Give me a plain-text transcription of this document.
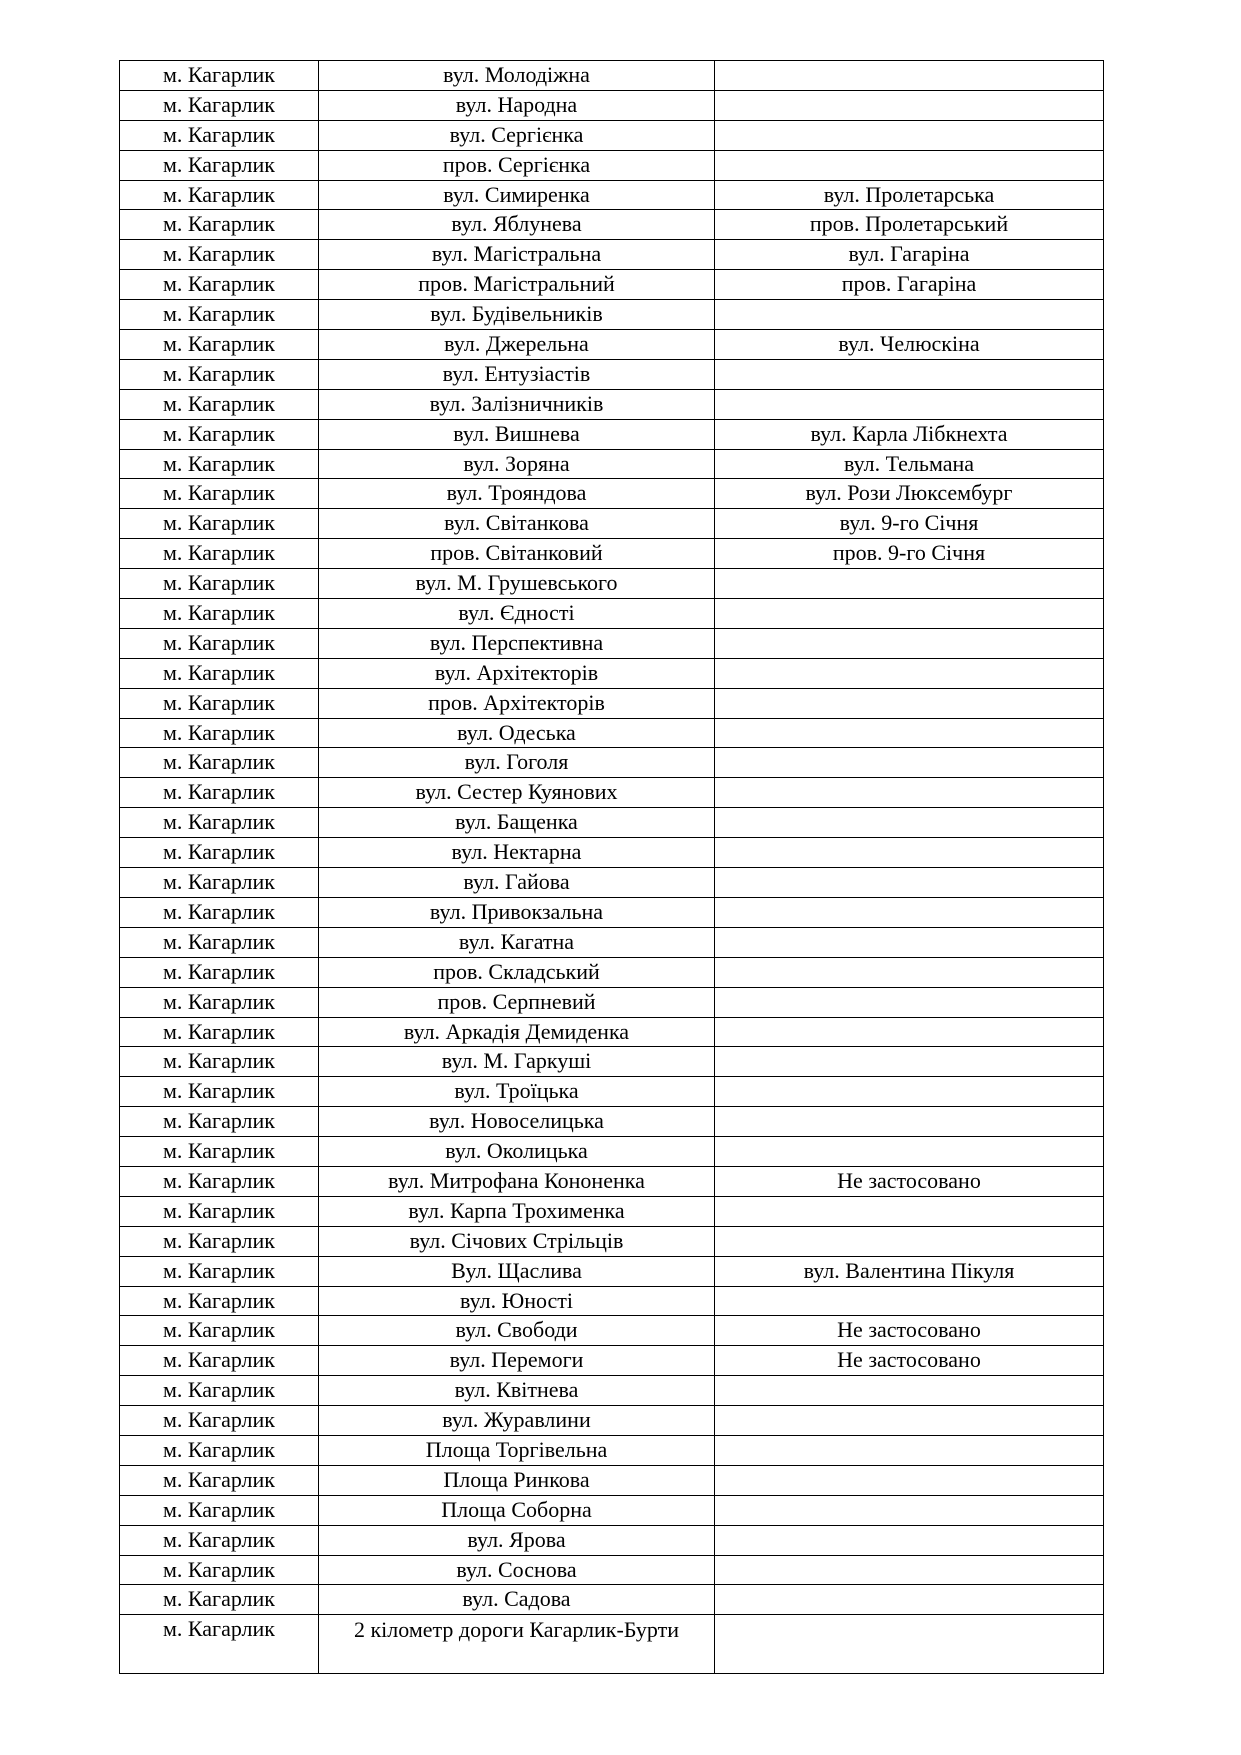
м. Кагарлик	вул. Молодіжна	
м. Кагарлик	вул. Народна	
м. Кагарлик	вул. Сергієнка	
м. Кагарлик	пров. Сергієнка	
м. Кагарлик	вул. Симиренка	вул. Пролетарська
м. Кагарлик	вул. Яблунева	пров. Пролетарський
м. Кагарлик	вул. Магістральна	вул. Гагаріна
м. Кагарлик	пров. Магістральний	пров. Гагаріна
м. Кагарлик	вул. Будівельників	
м. Кагарлик	вул. Джерельна	вул. Челюскіна
м. Кагарлик	вул. Ентузіастів	
м. Кагарлик	вул. Залізничників	
м. Кагарлик	вул. Вишнева	вул. Карла Лібкнехта
м. Кагарлик	вул. Зоряна	вул. Тельмана
м. Кагарлик	вул. Трояндова	вул. Рози Люксембург
м. Кагарлик	вул. Світанкова	вул. 9-го Січня
м. Кагарлик	пров. Світанковий	пров. 9-го Січня
м. Кагарлик	вул. М. Грушевського	
м. Кагарлик	вул. Єдності	
м. Кагарлик	вул. Перспективна	
м. Кагарлик	вул. Архітекторів	
м. Кагарлик	пров. Архітекторів	
м. Кагарлик	вул. Одеська	
м. Кагарлик	вул. Гоголя	
м. Кагарлик	вул. Сестер Куянових	
м. Кагарлик	вул. Бащенка	
м. Кагарлик	вул. Нектарна	
м. Кагарлик	вул. Гайова	
м. Кагарлик	вул. Привокзальна	
м. Кагарлик	вул. Кагатна	
м. Кагарлик	пров. Складський	
м. Кагарлик	пров. Серпневий	
м. Кагарлик	вул. Аркадія Демиденка	
м. Кагарлик	вул. М. Гаркуші	
м. Кагарлик	вул. Троїцька	
м. Кагарлик	вул. Новоселицька	
м. Кагарлик	вул. Околицька	
м. Кагарлик	вул. Митрофана Кононенка	Не застосовано
м. Кагарлик	вул. Карпа Трохименка	
м. Кагарлик	вул. Січових Стрільців	
м. Кагарлик	Вул. Щаслива	вул. Валентина Пікуля
м. Кагарлик	вул. Юності	
м. Кагарлик	вул. Свободи	Не застосовано
м. Кагарлик	вул. Перемоги	Не застосовано
м. Кагарлик	вул. Квітнева	
м. Кагарлик	вул. Журавлини	
м. Кагарлик	Площа Торгівельна	
м. Кагарлик	Площа Ринкова	
м. Кагарлик	Площа Соборна	
м. Кагарлик	вул. Ярова	
м. Кагарлик	вул. Соснова	
м. Кагарлик	вул. Садова	
м. Кагарлик	2 кілометр дороги Кагарлик-Бурти	
